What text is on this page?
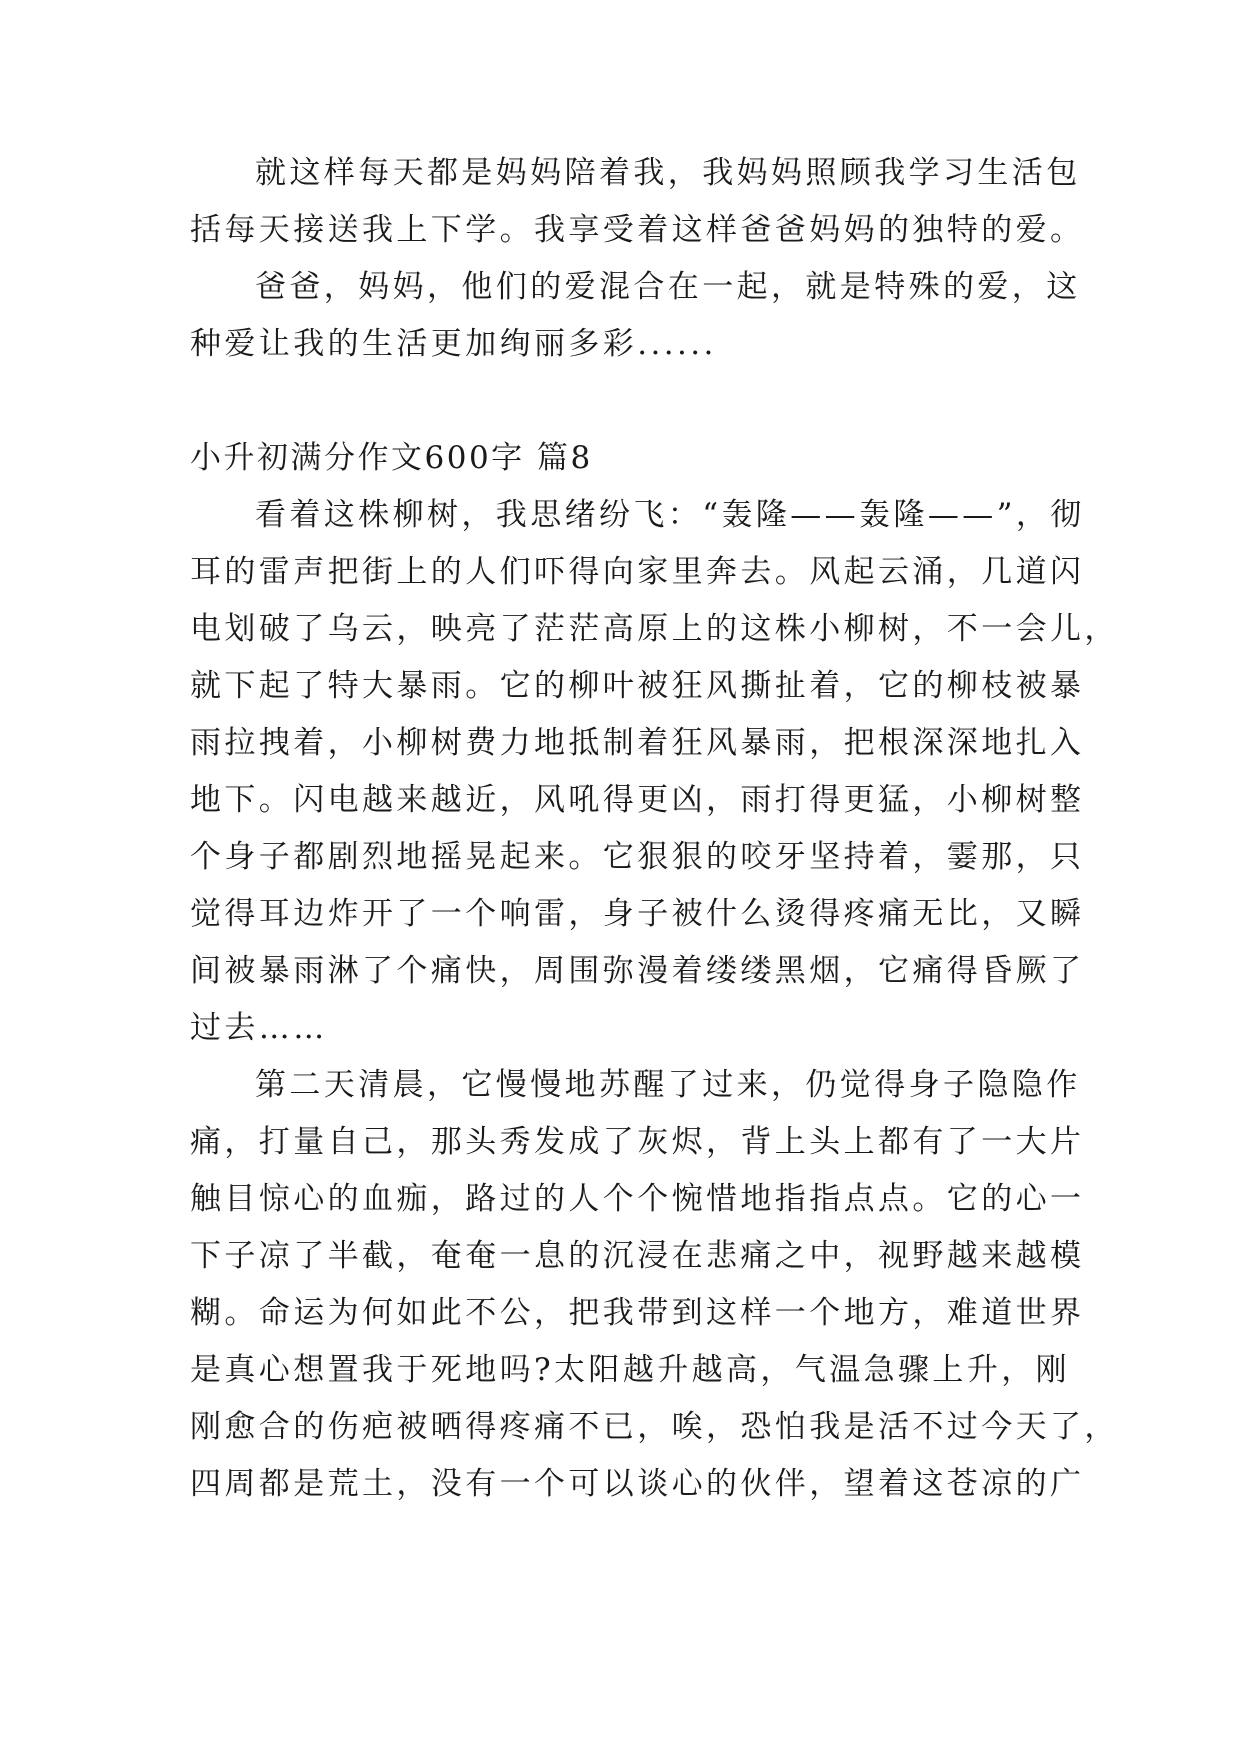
就这样每天都是妈妈陪着我，我妈妈照顾我学习生活包
括每天接送我上下学。我享受着这样爸爸妈妈的独特的爱。
爸爸，妈妈，他们的爱混合在一起，就是特殊的爱，这
种爱让我的生活更加绚丽多彩......
小升初满分作文600字 篇8
看着这株柳树，我思绪纷飞：“轰隆——轰隆——”，彻
耳的雷声把街上的人们吓得向家里奔去。风起云涌，几道闪
电划破了乌云，映亮了茫茫高原上的这株小柳树，不一会儿，
就下起了特大暴雨。它的柳叶被狂风撕扯着，它的柳枝被暴
雨拉拽着，小柳树费力地抵制着狂风暴雨，把根深深地扎入
地下。闪电越来越近，风吼得更凶，雨打得更猛，小柳树整
个身子都剧烈地摇晃起来。它狠狠的咬牙坚持着，霎那，只
觉得耳边炸开了一个响雷，身子被什么烫得疼痛无比，又瞬
间被暴雨淋了个痛快，周围弥漫着缕缕黑烟，它痛得昏厥了
过去……
第二天清晨，它慢慢地苏醒了过来，仍觉得身子隐隐作
痛，打量自己，那头秀发成了灰烬，背上头上都有了一大片
触目惊心的血痂，路过的人个个惋惜地指指点点。它的心一
下子凉了半截，奄奄一息的沉浸在悲痛之中，视野越来越模
糊。命运为何如此不公，把我带到这样一个地方，难道世界
是真心想置我于死地吗?太阳越升越高，气温急骤上升，刚
刚愈合的伤疤被晒得疼痛不已，唉，恐怕我是活不过今天了，
四周都是荒土，没有一个可以谈心的伙伴，望着这苍凉的广
